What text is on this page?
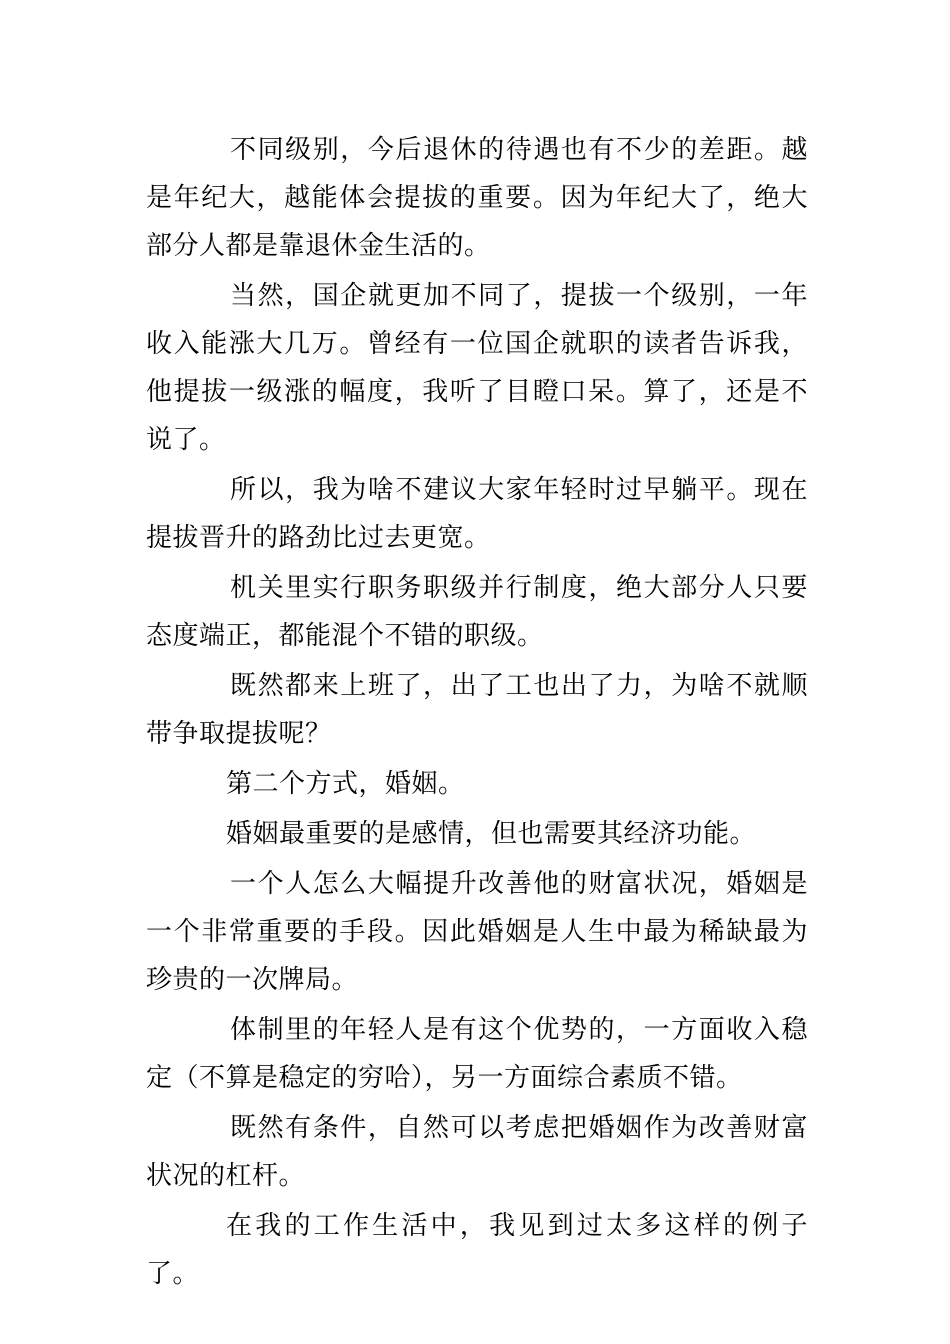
不同级别，今后退休的待遇也有不少的差距。越是年纪大，越能体会提拔的重要。因为年纪大了，绝大部分人都是靠退休金生活的。

当然，国企就更加不同了，提拔一个级别，一年收入能涨大几万。曾经有一位国企就职的读者告诉我，他提拔一级涨的幅度，我听了目瞪口呆。算了，还是不说了。

所以，我为啥不建议大家年轻时过早躺平。现在提拔晋升的路劲比过去更宽。

机关里实行职务职级并行制度，绝大部分人只要态度端正，都能混个不错的职级。

既然都来上班了，出了工也出了力，为啥不就顺带争取提拔呢？

第二个方式，婚姻。

婚姻最重要的是感情，但也需要其经济功能。

一个人怎么大幅提升改善他的财富状况，婚姻是一个非常重要的手段。因此婚姻是人生中最为稀缺最为珍贵的一次牌局。

体制里的年轻人是有这个优势的，一方面收入稳定（不算是稳定的穷哈），另一方面综合素质不错。

既然有条件，自然可以考虑把婚姻作为改善财富状况的杠杆。

在我的工作生活中，我见到过太多这样的例子了。
